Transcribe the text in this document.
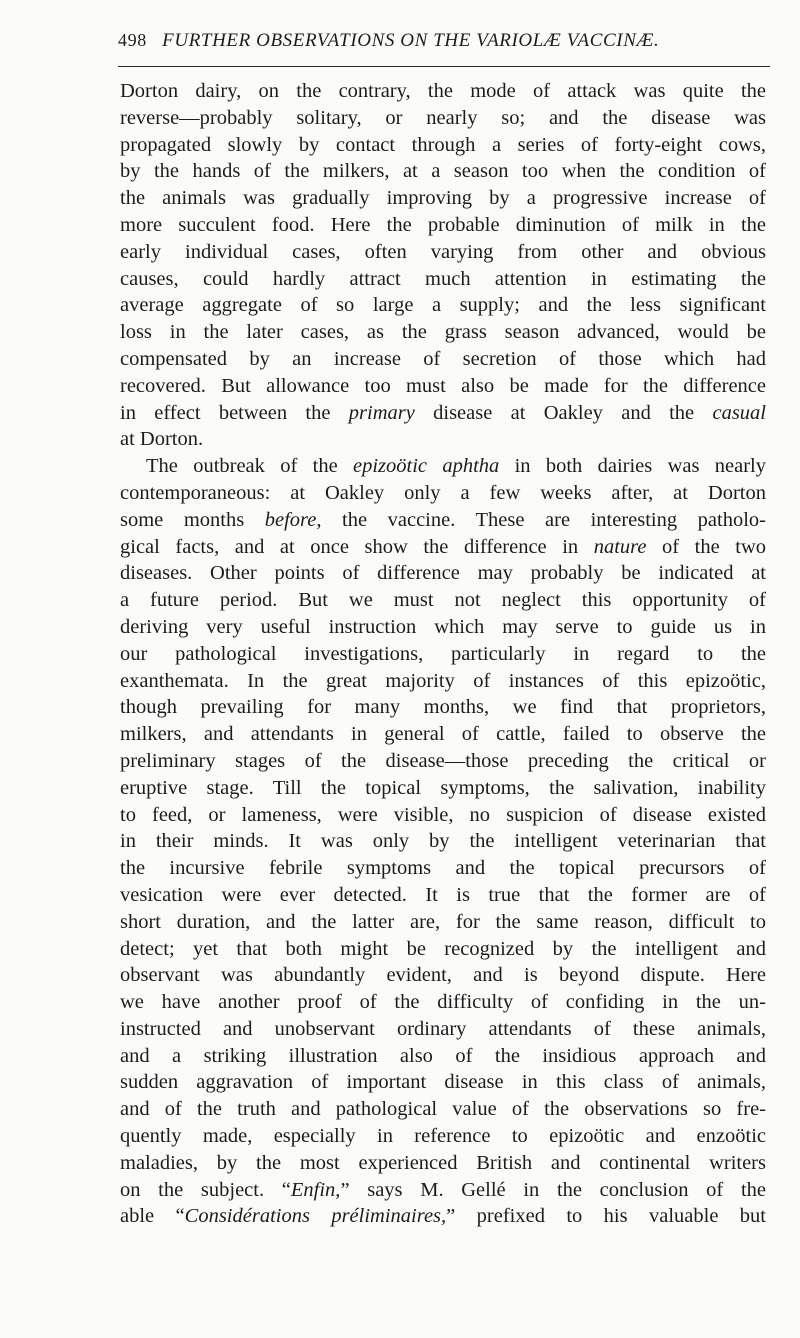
498 FURTHER OBSERVATIONS ON THE VARIOLÆ VACCINÆ.
Dorton dairy, on the contrary, the mode of attack was quite the
reverse—probably solitary, or nearly so; and the disease was
propagated slowly by contact through a series of forty-eight cows,
by the hands of the milkers, at a season too when the condition of
the animals was gradually improving by a progressive increase of
more succulent food. Here the probable diminution of milk in the
early individual cases, often varying from other and obvious
causes, could hardly attract much attention in estimating the
average aggregate of so large a supply; and the less significant
loss in the later cases, as the grass season advanced, would be
compensated by an increase of secretion of those which had
recovered. But allowance too must also be made for the difference
in effect between the primary disease at Oakley and the casual
at Dorton.
The outbreak of the epizoötic aphtha in both dairies was nearly
contemporaneous: at Oakley only a few weeks after, at Dorton
some months before, the vaccine. These are interesting patholo-
gical facts, and at once show the difference in nature of the two
diseases. Other points of difference may probably be indicated at
a future period. But we must not neglect this opportunity of
deriving very useful instruction which may serve to guide us in
our pathological investigations, particularly in regard to the
exanthemata. In the great majority of instances of this epizoötic,
though prevailing for many months, we find that proprietors,
milkers, and attendants in general of cattle, failed to observe the
preliminary stages of the disease—those preceding the critical or
eruptive stage. Till the topical symptoms, the salivation, inability
to feed, or lameness, were visible, no suspicion of disease existed
in their minds. It was only by the intelligent veterinarian that
the incursive febrile symptoms and the topical precursors of
vesication were ever detected. It is true that the former are of
short duration, and the latter are, for the same reason, difficult to
detect; yet that both might be recognized by the intelligent and
observant was abundantly evident, and is beyond dispute. Here
we have another proof of the difficulty of confiding in the un-
instructed and unobservant ordinary attendants of these animals,
and a striking illustration also of the insidious approach and
sudden aggravation of important disease in this class of animals,
and of the truth and pathological value of the observations so fre-
quently made, especially in reference to epizoötic and enzoötic
maladies, by the most experienced British and continental writers
on the subject. “Enfin,” says M. Gellé in the conclusion of the
able “Considérations préliminaires,” prefixed to his valuable but
